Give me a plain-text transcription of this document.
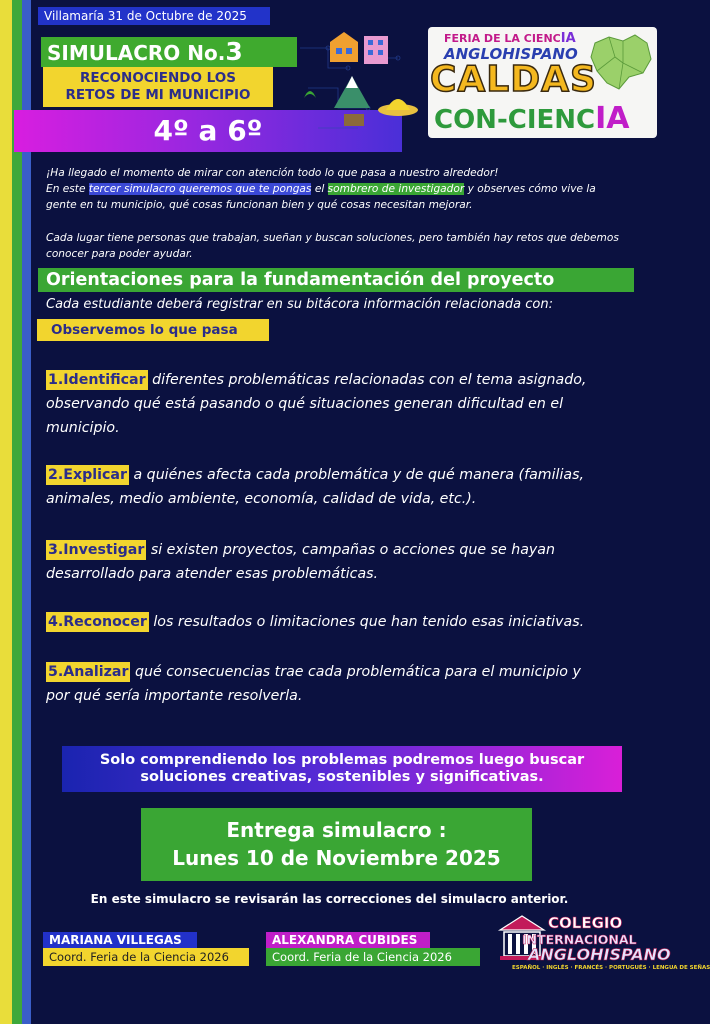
Villamaría 31 de Octubre de 2025
SIMULACRO No.3
RECONOCIENDO LOS
RETOS DE MI MUNICIPIO
4º a 6º
FERIA DE LA CIENCIA
ANGLOHISPANO
CALDAS
CON-CIENCIA
¡Ha llegado el momento de mirar con atención todo lo que pasa a nuestro alrededor!
En este tercer simulacro queremos que te pongas el sombrero de investigador y observes cómo vive la
gente en tu municipio, qué cosas funcionan bien y qué cosas necesitan mejorar.
Cada lugar tiene personas que trabajan, sueñan y buscan soluciones, pero también hay retos que debemos
conocer para poder ayudar.
Orientaciones para la fundamentación del proyecto
Cada estudiante deberá registrar en su bitácora información relacionada con:
Observemos lo que pasa
1.Identificar diferentes problemáticas relacionadas con el tema asignado,
observando qué está pasando o qué situaciones generan dificultad en el
municipio.
2.Explicar a quiénes afecta cada problemática y de qué manera (familias,
animales, medio ambiente, economía, calidad de vida, etc.).
3.Investigar si existen proyectos, campañas o acciones que se hayan
desarrollado para atender esas problemáticas.
4.Reconocer los resultados o limitaciones que han tenido esas iniciativas.
5.Analizar qué consecuencias trae cada problemática para el municipio y
por qué sería importante resolverla.
Solo comprendiendo los problemas podremos luego buscar
soluciones creativas, sostenibles y significativas.
Entrega simulacro :
Lunes 10 de Noviembre 2025
En este simulacro se revisarán las correcciones del simulacro anterior.
MARIANA VILLEGAS
Coord. Feria de la Ciencia 2026
ALEXANDRA CUBIDES
Coord. Feria de la Ciencia 2026
COLEGIO
INTERNACIONAL
ANGLOHISPANO
ESPAÑOL · INGLÉS · FRANCÉS · PORTUGUÉS · LENGUA DE SEÑAS
